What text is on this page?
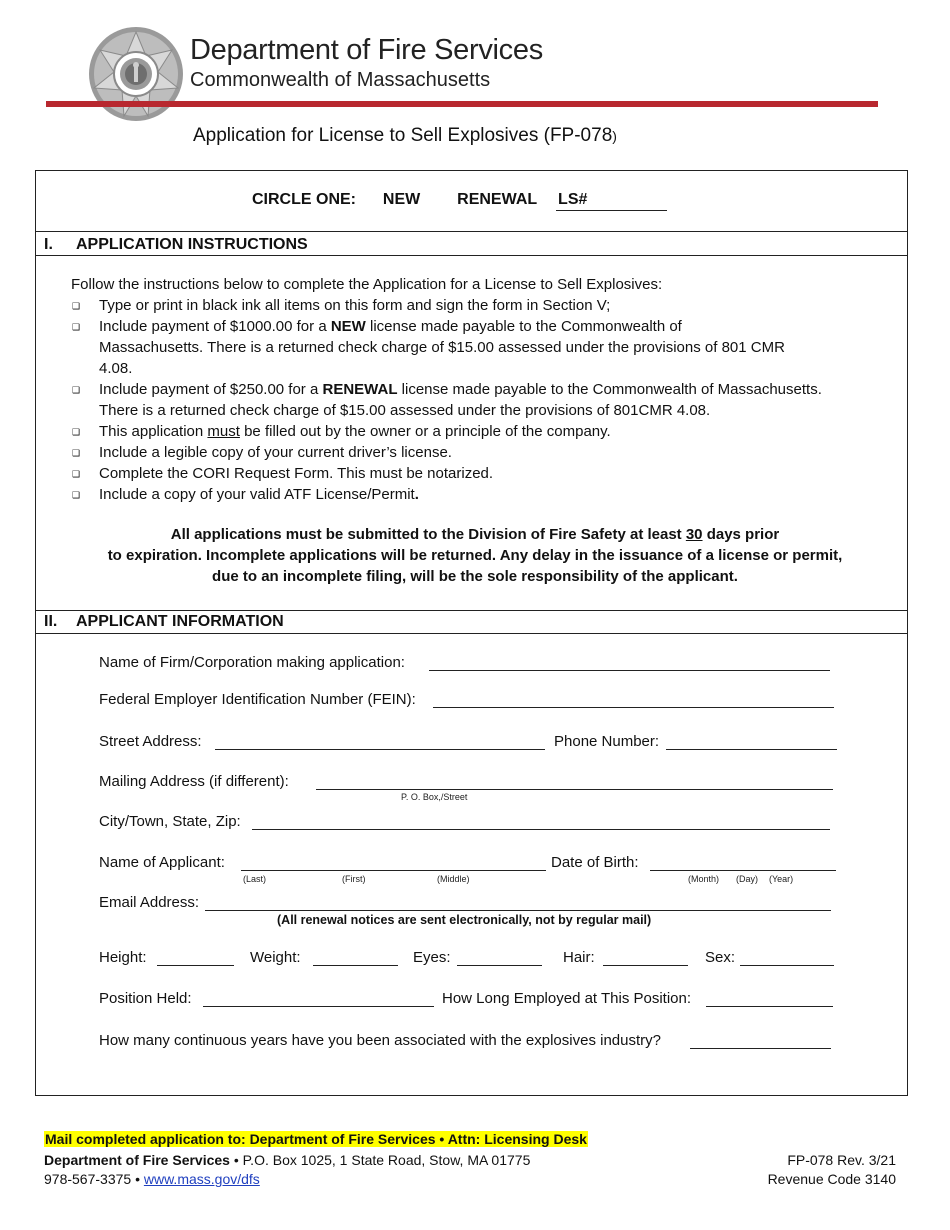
Department of Fire Services
Commonwealth of Massachusetts
Application for License to Sell Explosives (FP-078)
CIRCLE ONE: NEW RENEWAL LS#
I. APPLICATION INSTRUCTIONS
Follow the instructions below to complete the Application for a License to Sell Explosives:
❑ Type or print in black ink all items on this form and sign the form in Section V;
❑ Include payment of $1000.00 for a NEW license made payable to the Commonwealth of
Massachusetts. There is a returned check charge of $15.00 assessed under the provisions of 801 CMR
4.08.
❑ Include payment of $250.00 for a RENEWAL license made payable to the Commonwealth of Massachusetts.
There is a returned check charge of $15.00 assessed under the provisions of 801CMR 4.08.
❑ This application must be filled out by the owner or a principle of the company.
❑ Include a legible copy of your current driver’s license.
❑ Complete the CORI Request Form. This must be notarized.
❑ Include a copy of your valid ATF License/Permit.
All applications must be submitted to the Division of Fire Safety at least 30 days prior
to expiration. Incomplete applications will be returned. Any delay in the issuance of a license or permit,
due to an incomplete filing, will be the sole responsibility of the applicant.
II. APPLICANT INFORMATION
Name of Firm/Corporation making application:
Federal Employer Identification Number (FEIN):
Street Address:	Phone Number:
Mailing Address (if different):
P. O. Box,/Street
City/Town, State, Zip:
Name of Applicant:
(Last)	(First)	(Middle)
Date of Birth:
(Month) (Day) (Year)
Email Address:
(All renewal notices are sent electronically, not by regular mail)
Height:	Weight:	Eyes:	Hair:	Sex:
Position Held:	How Long Employed at This Position:
How many continuous years have you been associated with the explosives industry?
Mail completed application to: Department of Fire Services • Attn: Licensing Desk
Department of Fire Services • P.O. Box 1025, 1 State Road, Stow, MA 01775
978-567-3375 • www.mass.gov/dfs
FP-078 Rev. 3/21
Revenue Code 3140
